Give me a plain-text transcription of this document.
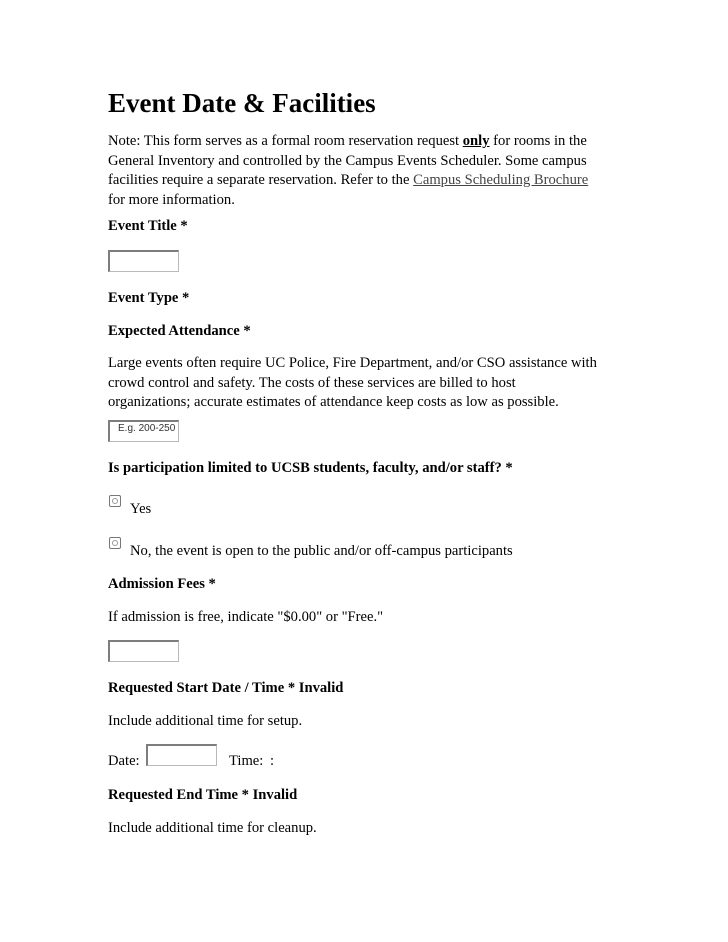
Event Date & Facilities
Note: This form serves as a formal room reservation request only for rooms in the General Inventory and controlled by the Campus Events Scheduler. Some campus facilities require a separate reservation. Refer to the Campus Scheduling Brochure for more information.
Event Title *
Event Type *
Expected Attendance *
Large events often require UC Police, Fire Department, and/or CSO assistance with crowd control and safety. The costs of these services are billed to host organizations; accurate estimates of attendance keep costs as low as possible.
E.g. 200-250
Is participation limited to UCSB students, faculty, and/or staff? *
Yes
No, the event is open to the public and/or off-campus participants
Admission Fees *
If admission is free, indicate "$0.00" or "Free."
Requested Start Date / Time * Invalid
Include additional time for setup.
Date:	Time: :
Requested End Time * Invalid
Include additional time for cleanup.
